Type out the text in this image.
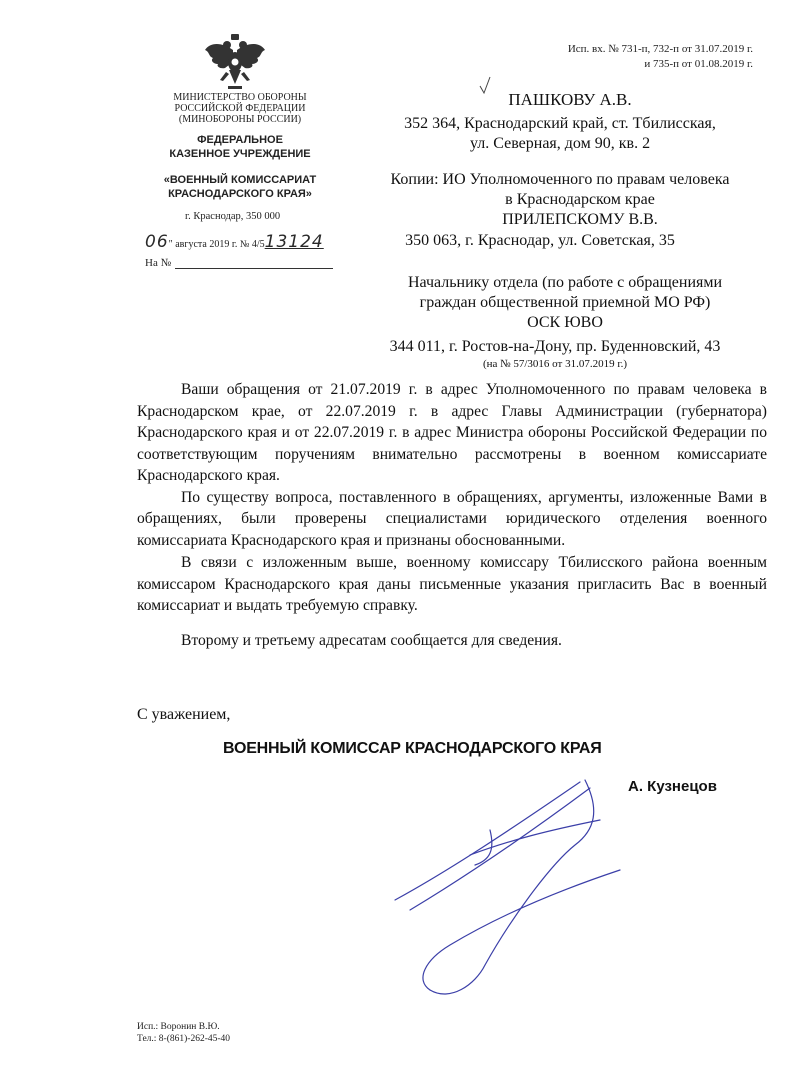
Исп. вх. № 731-п, 732-п от 31.07.2019 г.
и 735-п от 01.08.2019 г.
МИНИСТЕРСТВО ОБОРОНЫ
РОССИЙСКОЙ ФЕДЕРАЦИИ
(МИНОБОРОНЫ РОССИИ)
ФЕДЕРАЛЬНОЕ
КАЗЕННОЕ УЧРЕЖДЕНИЕ
«ВОЕННЫЙ КОМИССАРИАТ
КРАСНОДАРСКОГО КРАЯ»
г. Краснодар, 350 000
06" августа 2019 г. № 4/513124
На №
ПАШКОВУ А.В.
352 364, Краснодарский край, ст. Тбилисская,
ул. Северная, дом 90, кв. 2
Копии: ИО Уполномоченного по правам человека
в Краснодарском крае
ПРИЛЕПСКОМУ В.В.
350 063, г. Краснодар, ул. Советская, 35
Начальнику отдела (по работе с обращениями
граждан общественной приемной МО РФ)
ОСК ЮВО
344 011, г. Ростов-на-Дону, пр. Буденновский, 43
(на № 57/3016 от 31.07.2019 г.)

Ваши обращения от 21.07.2019 г. в адрес Уполномоченного по правам человека в Краснодарском крае, от 22.07.2019 г. в адрес Главы Администрации (губернатора) Краснодарского края и от 22.07.2019 г. в адрес Министра обороны Российской Федерации по соответствующим поручениям внимательно рассмотрены в военном комиссариате Краснодарского края.

По существу вопроса, поставленного в обращениях, аргументы, изложенные Вами в обращениях, были проверены специалистами юридического отделения военного комиссариата Краснодарского края и признаны обоснованными.

В связи с изложенным выше, военному комиссару Тбилисского района военным комиссаром Краснодарского края даны письменные указания пригласить Вас в военный комиссариат и выдать требуемую справку.

Второму и третьему адресатам сообщается для сведения.

С уважением,
ВОЕННЫЙ КОМИССАР КРАСНОДАРСКОГО КРАЯ
А. Кузнецов
Исп.: Воронин В.Ю.
Тел.: 8-(861)-262-45-40
